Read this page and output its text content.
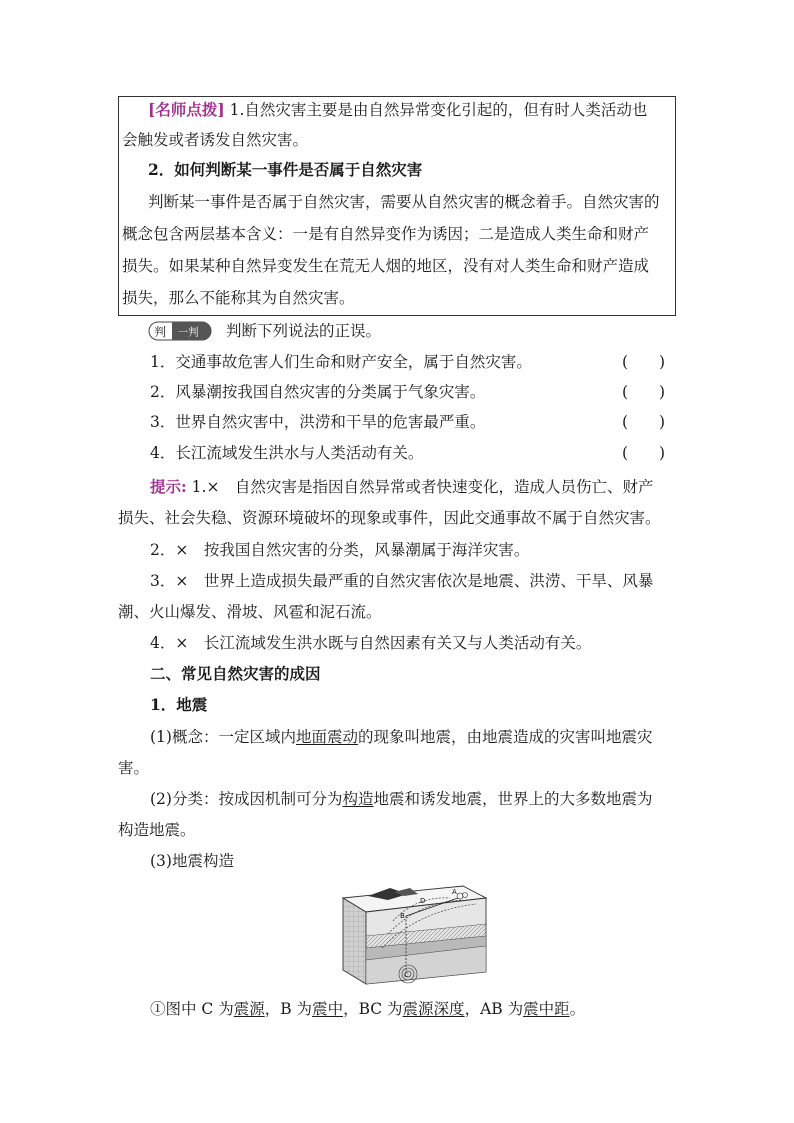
[名师点拨] 1.自然灾害主要是由自然异常变化引起的，但有时人类活动也
会触发或者诱发自然灾害。
2．如何判断某一事件是否属于自然灾害
判断某一事件是否属于自然灾害，需要从自然灾害的概念着手。自然灾害的
概念包含两层基本含义：一是有自然异变作为诱因；二是造成人类生命和财产
损失。如果某种自然异变发生在荒无人烟的地区，没有对人类生命和财产造成
损失，那么不能称其为自然灾害。
判 一判 判断下列说法的正误。
1．交通事故危害人们生命和财产安全，属于自然灾害。	(　　)
2．风暴潮按我国自然灾害的分类属于气象灾害。	(　　)
3．世界自然灾害中，洪涝和干旱的危害最严重。	(　　)
4．长江流域发生洪水与人类活动有关。	(　　)
提示: 1.×　自然灾害是指因自然异常或者快速变化，造成人员伤亡、财产
损失、社会失稳、资源环境破坏的现象或事件，因此交通事故不属于自然灾害。
2．×　按我国自然灾害的分类，风暴潮属于海洋灾害。
3．×　世界上造成损失最严重的自然灾害依次是地震、洪涝、干旱、风暴
潮、火山爆发、滑坡、风雹和泥石流。
4．×　长江流域发生洪水既与自然因素有关又与人类活动有关。
二、常见自然灾害的成因
1．地震
(1)概念：一定区域内地面震动的现象叫地震，由地震造成的灾害叫地震灾
害。
(2)分类：按成因机制可分为构造地震和诱发地震，世界上的大多数地震为
构造地震。
(3)地震构造
A
D
B
C
①图中 C 为震源，B 为震中，BC 为震源深度，AB 为震中距。
